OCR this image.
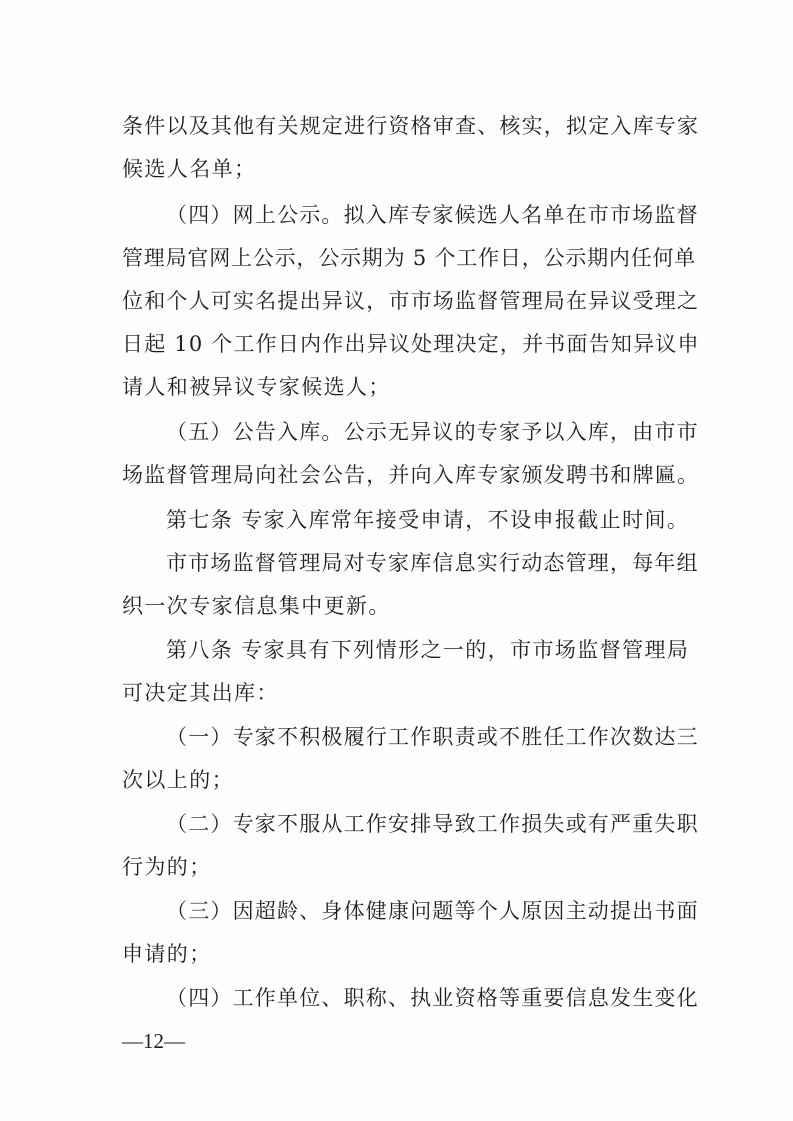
条件以及其他有关规定进行资格审查、核实，拟定入库专家
候选人名单；
（四）网上公示。拟入库专家候选人名单在市市场监督
管理局官网上公示，公示期为 5 个工作日，公示期内任何单
位和个人可实名提出异议，市市场监督管理局在异议受理之
日起 10 个工作日内作出异议处理决定，并书面告知异议申
请人和被异议专家候选人；
（五）公告入库。公示无异议的专家予以入库，由市市
场监督管理局向社会公告，并向入库专家颁发聘书和牌匾。
第七条 专家入库常年接受申请，不设申报截止时间。
市市场监督管理局对专家库信息实行动态管理，每年组
织一次专家信息集中更新。
第八条 专家具有下列情形之一的，市市场监督管理局
可决定其出库：
（一）专家不积极履行工作职责或不胜任工作次数达三
次以上的；
（二）专家不服从工作安排导致工作损失或有严重失职
行为的；
（三）因超龄、身体健康问题等个人原因主动提出书面
申请的；
（四）工作单位、职称、执业资格等重要信息发生变化
—12—
